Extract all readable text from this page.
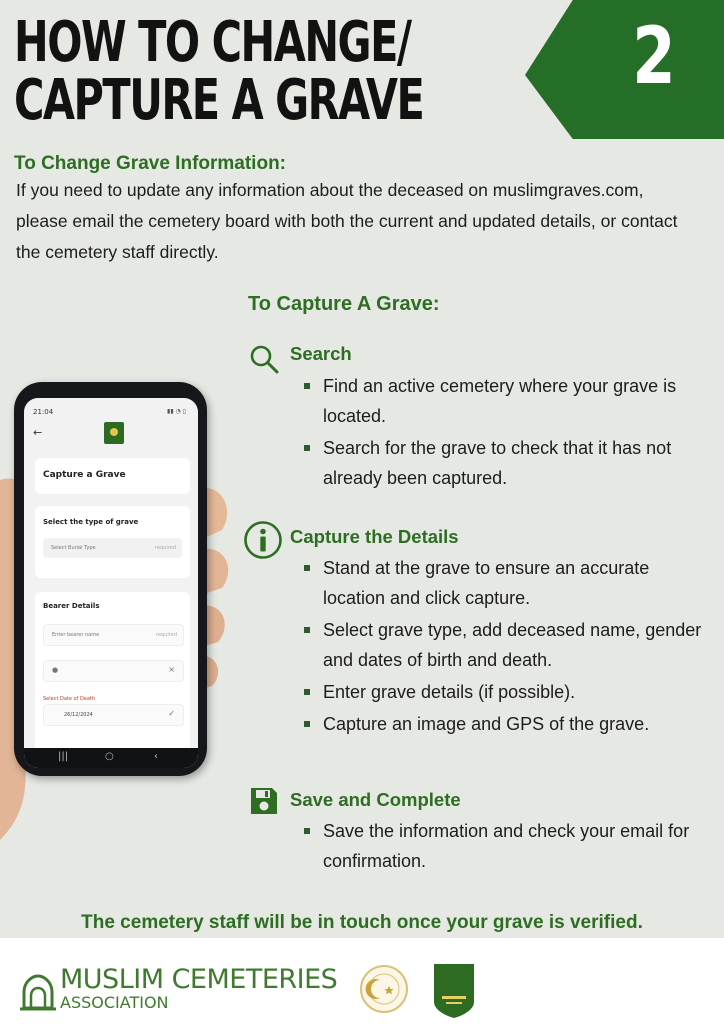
HOW TO CHANGE/
CAPTURE A GRAVE	2
To Change Grave Information:

If you need to update any information about the deceased on muslimgraves.com, please email the cemetery board with both the current and updated details, or contact the cemetery staff directly.

To Capture A Grave:
Search
Find an active cemetery where your grave is located.
Search for the grave to check that it has not already been captured.
Capture the Details
Stand at the grave to ensure an accurate location and click capture.
Select grave type, add deceased name, gender and dates of birth and death.
Enter grave details (if possible).
Capture an image and GPS of the grave.
Save and Complete
Save the information and check your email for confirmation.
21:04	▮▮ ◔ ▯
←
Capture a Grave
Select the type of grave
Select Burial Type	required
Bearer Details
Enter bearer name	required
●	×
Select Date of Death
26/12/2024	✓
|||	○	‹
The cemetery staff will be in touch once your grave is verified.
MUSLIM CEMETERIES
ASSOCIATION
